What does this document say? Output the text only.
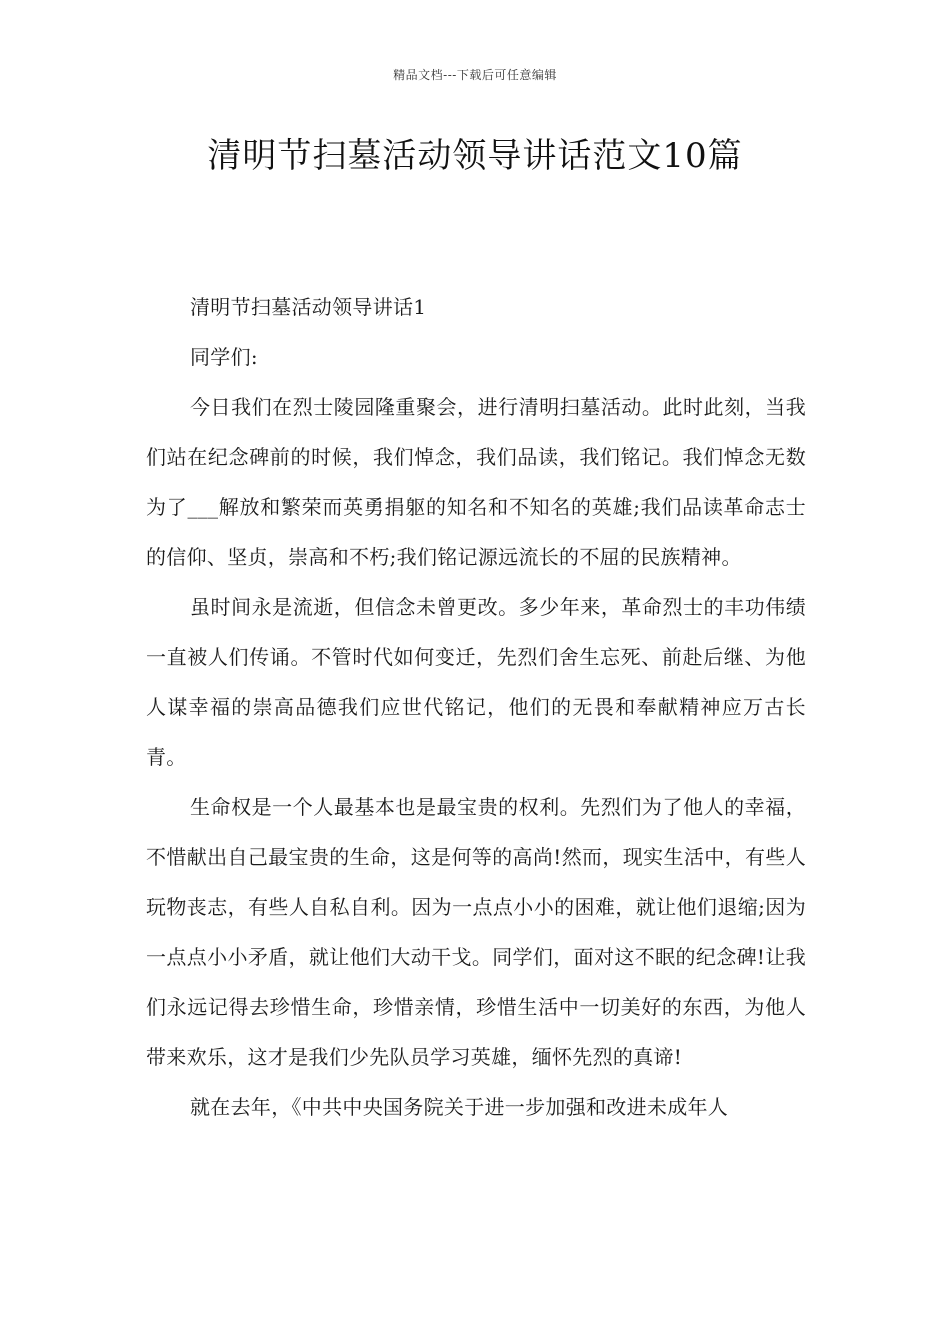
精品文档---下载后可任意编辑
清明节扫墓活动领导讲话范文10篇

清明节扫墓活动领导讲话1

同学们:

今日我们在烈士陵园隆重聚会，进行清明扫墓活动。此时此刻，当我们站在纪念碑前的时候，我们悼念，我们品读，我们铭记。我们悼念无数为了___解放和繁荣而英勇捐躯的知名和不知名的英雄;我们品读革命志士的信仰、坚贞，崇高和不朽;我们铭记源远流长的不屈的民族精神。

虽时间永是流逝，但信念未曾更改。多少年来，革命烈士的丰功伟绩一直被人们传诵。不管时代如何变迁，先烈们舍生忘死、前赴后继、为他人谋幸福的崇高品德我们应世代铭记，他们的无畏和奉献精神应万古长青。

生命权是一个人最基本也是最宝贵的权利。先烈们为了他人的幸福，不惜献出自己最宝贵的生命，这是何等的高尚!然而，现实生活中，有些人玩物丧志，有些人自私自利。因为一点点小小的困难，就让他们退缩;因为一点点小小矛盾，就让他们大动干戈。同学们，面对这不眠的纪念碑!让我们永远记得去珍惜生命，珍惜亲情，珍惜生活中一切美好的东西，为他人带来欢乐，这才是我们少先队员学习英雄，缅怀先烈的真谛!

就在去年，《中共中央国务院关于进一步加强和改进未成年人
